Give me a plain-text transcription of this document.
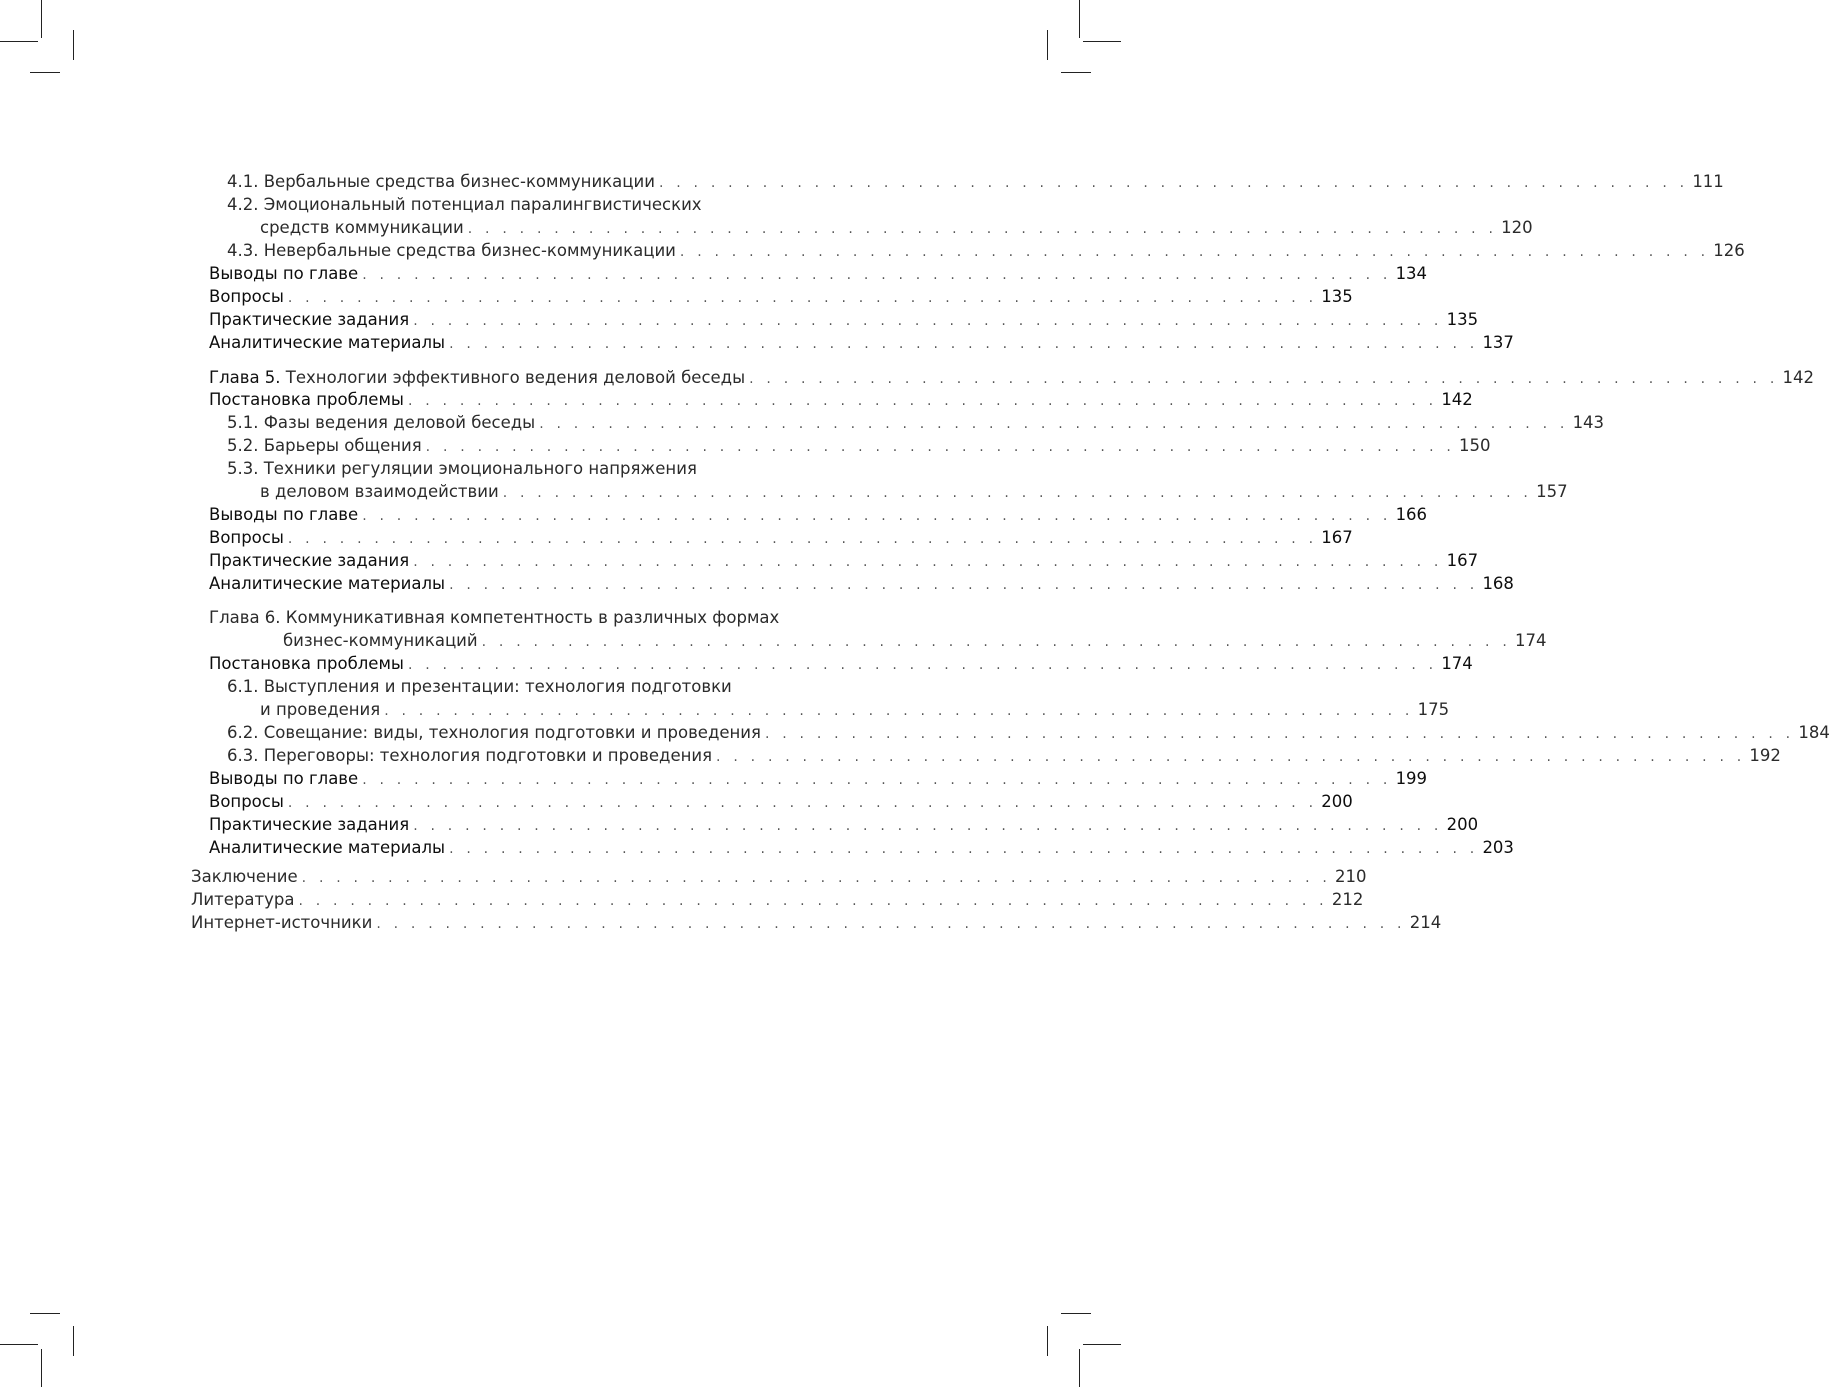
4.1. Вербальные средства бизнес-коммуникации . . . . . . . . . . . . . . . . . . . . . . . . . . . . . . . . . . . . . . . . . . . . . . . . . . . . . . . . . . . . 111
4.2. Эмоциональный потенциал паралингвистических
средств коммуникации . . . . . . . . . . . . . . . . . . . . . . . . . . . . . . . . . . . . . . . . . . . . . . . . . . . . . . . . . . . . 120
4.3. Невербальные средства бизнес-коммуникации . . . . . . . . . . . . . . . . . . . . . . . . . . . . . . . . . . . . . . . . . . . . . . . . . . . . . . . . . . . . 126
Выводы по главе . . . . . . . . . . . . . . . . . . . . . . . . . . . . . . . . . . . . . . . . . . . . . . . . . . . . . . . . . . . . 134
Вопросы . . . . . . . . . . . . . . . . . . . . . . . . . . . . . . . . . . . . . . . . . . . . . . . . . . . . . . . . . . . . 135
Практические задания . . . . . . . . . . . . . . . . . . . . . . . . . . . . . . . . . . . . . . . . . . . . . . . . . . . . . . . . . . . . 135
Аналитические материалы . . . . . . . . . . . . . . . . . . . . . . . . . . . . . . . . . . . . . . . . . . . . . . . . . . . . . . . . . . . . 137
Глава 5. Технологии эффективного ведения деловой беседы . . . . . . . . . . . . . . . . . . . . . . . . . . . . . . . . . . . . . . . . . . . . . . . . . . . . . . . . . . . . 142
Постановка проблемы . . . . . . . . . . . . . . . . . . . . . . . . . . . . . . . . . . . . . . . . . . . . . . . . . . . . . . . . . . . . 142
5.1. Фазы ведения деловой беседы . . . . . . . . . . . . . . . . . . . . . . . . . . . . . . . . . . . . . . . . . . . . . . . . . . . . . . . . . . . . 143
5.2. Барьеры общения . . . . . . . . . . . . . . . . . . . . . . . . . . . . . . . . . . . . . . . . . . . . . . . . . . . . . . . . . . . . 150
5.3. Техники регуляции эмоционального напряжения
в деловом взаимодействии . . . . . . . . . . . . . . . . . . . . . . . . . . . . . . . . . . . . . . . . . . . . . . . . . . . . . . . . . . . . 157
Выводы по главе . . . . . . . . . . . . . . . . . . . . . . . . . . . . . . . . . . . . . . . . . . . . . . . . . . . . . . . . . . . . 166
Вопросы . . . . . . . . . . . . . . . . . . . . . . . . . . . . . . . . . . . . . . . . . . . . . . . . . . . . . . . . . . . . 167
Практические задания . . . . . . . . . . . . . . . . . . . . . . . . . . . . . . . . . . . . . . . . . . . . . . . . . . . . . . . . . . . . 167
Аналитические материалы . . . . . . . . . . . . . . . . . . . . . . . . . . . . . . . . . . . . . . . . . . . . . . . . . . . . . . . . . . . . 168
Глава 6. Коммуникативная компетентность в различных формах
бизнес-коммуникаций . . . . . . . . . . . . . . . . . . . . . . . . . . . . . . . . . . . . . . . . . . . . . . . . . . . . . . . . . . . . 174
Постановка проблемы . . . . . . . . . . . . . . . . . . . . . . . . . . . . . . . . . . . . . . . . . . . . . . . . . . . . . . . . . . . . 174
6.1. Выступления и презентации: технология подготовки
и проведения . . . . . . . . . . . . . . . . . . . . . . . . . . . . . . . . . . . . . . . . . . . . . . . . . . . . . . . . . . . . 175
6.2. Совещание: виды, технология подготовки и проведения . . . . . . . . . . . . . . . . . . . . . . . . . . . . . . . . . . . . . . . . . . . . . . . . . . . . . . . . . . . . 184
6.3. Переговоры: технология подготовки и проведения . . . . . . . . . . . . . . . . . . . . . . . . . . . . . . . . . . . . . . . . . . . . . . . . . . . . . . . . . . . . 192
Выводы по главе . . . . . . . . . . . . . . . . . . . . . . . . . . . . . . . . . . . . . . . . . . . . . . . . . . . . . . . . . . . . 199
Вопросы . . . . . . . . . . . . . . . . . . . . . . . . . . . . . . . . . . . . . . . . . . . . . . . . . . . . . . . . . . . . 200
Практические задания . . . . . . . . . . . . . . . . . . . . . . . . . . . . . . . . . . . . . . . . . . . . . . . . . . . . . . . . . . . . 200
Аналитические материалы . . . . . . . . . . . . . . . . . . . . . . . . . . . . . . . . . . . . . . . . . . . . . . . . . . . . . . . . . . . . 203
Заключение . . . . . . . . . . . . . . . . . . . . . . . . . . . . . . . . . . . . . . . . . . . . . . . . . . . . . . . . . . . . 210
Литература . . . . . . . . . . . . . . . . . . . . . . . . . . . . . . . . . . . . . . . . . . . . . . . . . . . . . . . . . . . . 212
Интернет-источники . . . . . . . . . . . . . . . . . . . . . . . . . . . . . . . . . . . . . . . . . . . . . . . . . . . . . . . . . . . . 214
